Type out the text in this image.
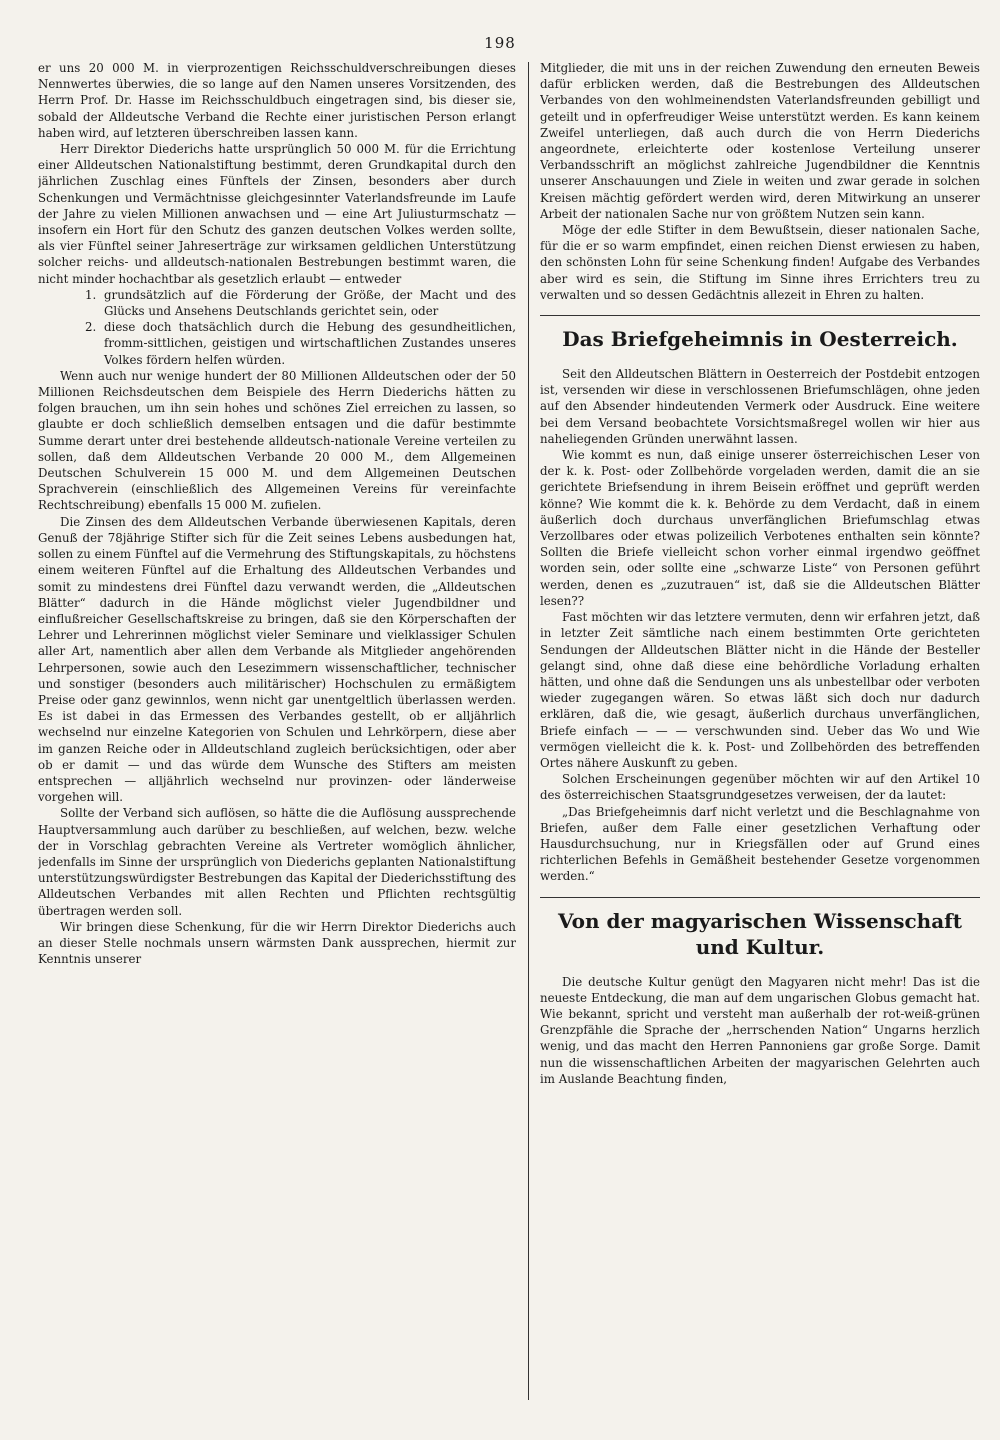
198

er uns 20 000 M. in vierprozentigen Reichsschuldverschreibungen dieses Nennwertes überwies, die so lange auf den Namen unseres Vorsitzenden, des Herrn Prof. Dr. Hasse im Reichsschuldbuch eingetragen sind, bis dieser sie, sobald der Alldeutsche Verband die Rechte einer juristischen Person erlangt haben wird, auf letzteren überschreiben lassen kann.

Herr Direktor Diederichs hatte ursprünglich 50 000 M. für die Errichtung einer Alldeutschen Nationalstiftung bestimmt, deren Grundkapital durch den jährlichen Zuschlag eines Fünftels der Zinsen, besonders aber durch Schenkungen und Vermächtnisse gleichgesinnter Vaterlandsfreunde im Laufe der Jahre zu vielen Millionen anwachsen und — eine Art Juliusturmschatz — insofern ein Hort für den Schutz des ganzen deutschen Volkes werden sollte, als vier Fünftel seiner Jahreserträge zur wirksamen geldlichen Unterstützung solcher reichs- und alldeutsch-nationalen Bestrebungen bestimmt waren, die nicht minder hochachtbar als gesetzlich erlaubt — entweder

1. grundsätzlich auf die Förderung der Größe, der Macht und des Glücks und Ansehens Deutschlands gerichtet sein, oder
2. diese doch thatsächlich durch die Hebung des gesundheitlichen, fromm-sittlichen, geistigen und wirtschaftlichen Zustandes unseres Volkes fördern helfen würden.

Wenn auch nur wenige hundert der 80 Millionen Alldeutschen oder der 50 Millionen Reichsdeutschen dem Beispiele des Herrn Diederichs hätten zu folgen brauchen, um ihn sein hohes und schönes Ziel erreichen zu lassen, so glaubte er doch schließlich demselben entsagen und die dafür bestimmte Summe derart unter drei bestehende alldeutsch-nationale Vereine verteilen zu sollen, daß dem Alldeutschen Verbande 20 000 M., dem Allgemeinen Deutschen Schulverein 15 000 M. und dem Allgemeinen Deutschen Sprachverein (einschließlich des Allgemeinen Vereins für vereinfachte Rechtschreibung) ebenfalls 15 000 M. zufielen.

Die Zinsen des dem Alldeutschen Verbande überwiesenen Kapitals, deren Genuß der 78jährige Stifter sich für die Zeit seines Lebens ausbedungen hat, sollen zu einem Fünftel auf die Vermehrung des Stiftungskapitals, zu höchstens einem weiteren Fünftel auf die Erhaltung des Alldeutschen Verbandes und somit zu mindestens drei Fünftel dazu verwandt werden, die „Alldeutschen Blätter“ dadurch in die Hände möglichst vieler Jugendbildner und einflußreicher Gesellschaftskreise zu bringen, daß sie den Körperschaften der Lehrer und Lehrerinnen möglichst vieler Seminare und vielklassiger Schulen aller Art, namentlich aber allen dem Verbande als Mitglieder angehörenden Lehrpersonen, sowie auch den Lesezimmern wissenschaftlicher, technischer und sonstiger (besonders auch militärischer) Hochschulen zu ermäßigtem Preise oder ganz gewinnlos, wenn nicht gar unentgeltlich überlassen werden. Es ist dabei in das Ermessen des Verbandes gestellt, ob er alljährlich wechselnd nur einzelne Kategorien von Schulen und Lehrkörpern, diese aber im ganzen Reiche oder in Alldeutschland zugleich berücksichtigen, oder aber ob er damit — und das würde dem Wunsche des Stifters am meisten entsprechen — alljährlich wechselnd nur provinzen- oder länderweise vorgehen will.

Sollte der Verband sich auflösen, so hätte die die Auflösung aussprechende Hauptversammlung auch darüber zu beschließen, auf welchen, bezw. welche der in Vorschlag gebrachten Vereine als Vertreter womöglich ähnlicher, jedenfalls im Sinne der ursprünglich von Diederichs geplanten Nationalstiftung unterstützungswürdigster Bestrebungen das Kapital der Diederichsstiftung des Alldeutschen Verbandes mit allen Rechten und Pflichten rechtsgültig übertragen werden soll.

Wir bringen diese Schenkung, für die wir Herrn Direktor Diederichs auch an dieser Stelle nochmals unsern wärmsten Dank aussprechen, hiermit zur Kenntnis unserer

Mitglieder, die mit uns in der reichen Zuwendung den erneuten Beweis dafür erblicken werden, daß die Bestrebungen des Alldeutschen Verbandes von den wohlmeinendsten Vaterlandsfreunden gebilligt und geteilt und in opferfreudiger Weise unterstützt werden. Es kann keinem Zweifel unterliegen, daß auch durch die von Herrn Diederichs angeordnete, erleichterte oder kostenlose Verteilung unserer Verbandsschrift an möglichst zahlreiche Jugendbildner die Kenntnis unserer Anschauungen und Ziele in weiten und zwar gerade in solchen Kreisen mächtig gefördert werden wird, deren Mitwirkung an unserer Arbeit der nationalen Sache nur von größtem Nutzen sein kann.

Möge der edle Stifter in dem Bewußtsein, dieser nationalen Sache, für die er so warm empfindet, einen reichen Dienst erwiesen zu haben, den schönsten Lohn für seine Schenkung finden! Aufgabe des Verbandes aber wird es sein, die Stiftung im Sinne ihres Errichters treu zu verwalten und so dessen Gedächtnis allezeit in Ehren zu halten.

Das Briefgeheimnis in Oesterreich.

Seit den Alldeutschen Blättern in Oesterreich der Postdebit entzogen ist, versenden wir diese in verschlossenen Briefumschlägen, ohne jeden auf den Absender hindeutenden Vermerk oder Ausdruck. Eine weitere bei dem Versand beobachtete Vorsichtsmaßregel wollen wir hier aus naheliegenden Gründen unerwähnt lassen.

Wie kommt es nun, daß einige unserer österreichischen Leser von der k. k. Post- oder Zollbehörde vorgeladen werden, damit die an sie gerichtete Briefsendung in ihrem Beisein eröffnet und geprüft werden könne? Wie kommt die k. k. Behörde zu dem Verdacht, daß in einem äußerlich doch durchaus unverfänglichen Briefumschlag etwas Verzollbares oder etwas polizeilich Verbotenes enthalten sein könnte? Sollten die Briefe vielleicht schon vorher einmal irgendwo geöffnet worden sein, oder sollte eine „schwarze Liste“ von Personen geführt werden, denen es „zuzutrauen“ ist, daß sie die Alldeutschen Blätter lesen??

Fast möchten wir das letztere vermuten, denn wir erfahren jetzt, daß in letzter Zeit sämtliche nach einem bestimmten Orte gerichteten Sendungen der Alldeutschen Blätter nicht in die Hände der Besteller gelangt sind, ohne daß diese eine behördliche Vorladung erhalten hätten, und ohne daß die Sendungen uns als unbestellbar oder verboten wieder zugegangen wären. So etwas läßt sich doch nur dadurch erklären, daß die, wie gesagt, äußerlich durchaus unverfänglichen, Briefe einfach — — — verschwunden sind. Ueber das Wo und Wie vermögen vielleicht die k. k. Post- und Zollbehörden des betreffenden Ortes nähere Auskunft zu geben.

Solchen Erscheinungen gegenüber möchten wir auf den Artikel 10 des österreichischen Staatsgrundgesetzes verweisen, der da lautet:

„Das Briefgeheimnis darf nicht verletzt und die Beschlagnahme von Briefen, außer dem Falle einer gesetzlichen Verhaftung oder Hausdurchsuchung, nur in Kriegsfällen oder auf Grund eines richterlichen Befehls in Gemäßheit bestehender Gesetze vorgenommen werden.“

Von der magyarischen Wissenschaft und Kultur.

Die deutsche Kultur genügt den Magyaren nicht mehr! Das ist die neueste Entdeckung, die man auf dem ungarischen Globus gemacht hat. Wie bekannt, spricht und versteht man außerhalb der rot-weiß-grünen Grenzpfähle die Sprache der „herrschenden Nation“ Ungarns herzlich wenig, und das macht den Herren Pannoniens gar große Sorge. Damit nun die wissenschaftlichen Arbeiten der magyarischen Gelehrten auch im Auslande Beachtung finden,
